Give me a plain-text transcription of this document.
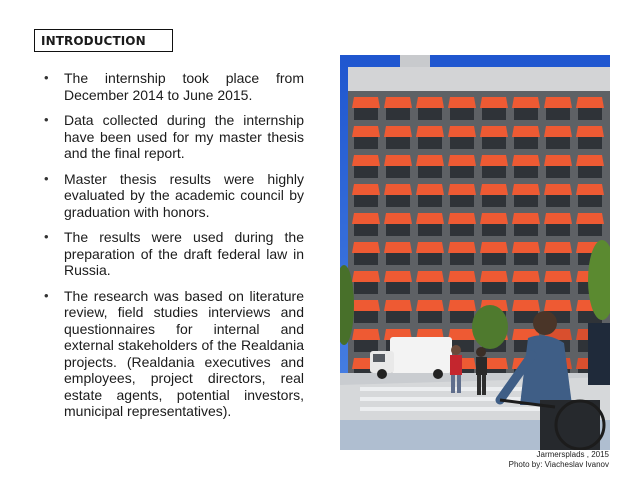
INTRODUCTION
• The internship took place from December 2014 to June 2015.
• Data collected during the internship have been used for my master thesis and the final report.
• Master thesis results were highly evaluated by the academic council by graduation with honors.
• The results were used during the preparation of the draft federal law in Russia.
• The research was based on literature review, field studies interviews and questionnaires for internal and external stakeholders of the Realdania projects. (Realdania executives and employees, project directors, real estate agents, potential investors, municipal representatives).
Jarmersplads , 2015
Photo by: Viacheslav Ivanov
